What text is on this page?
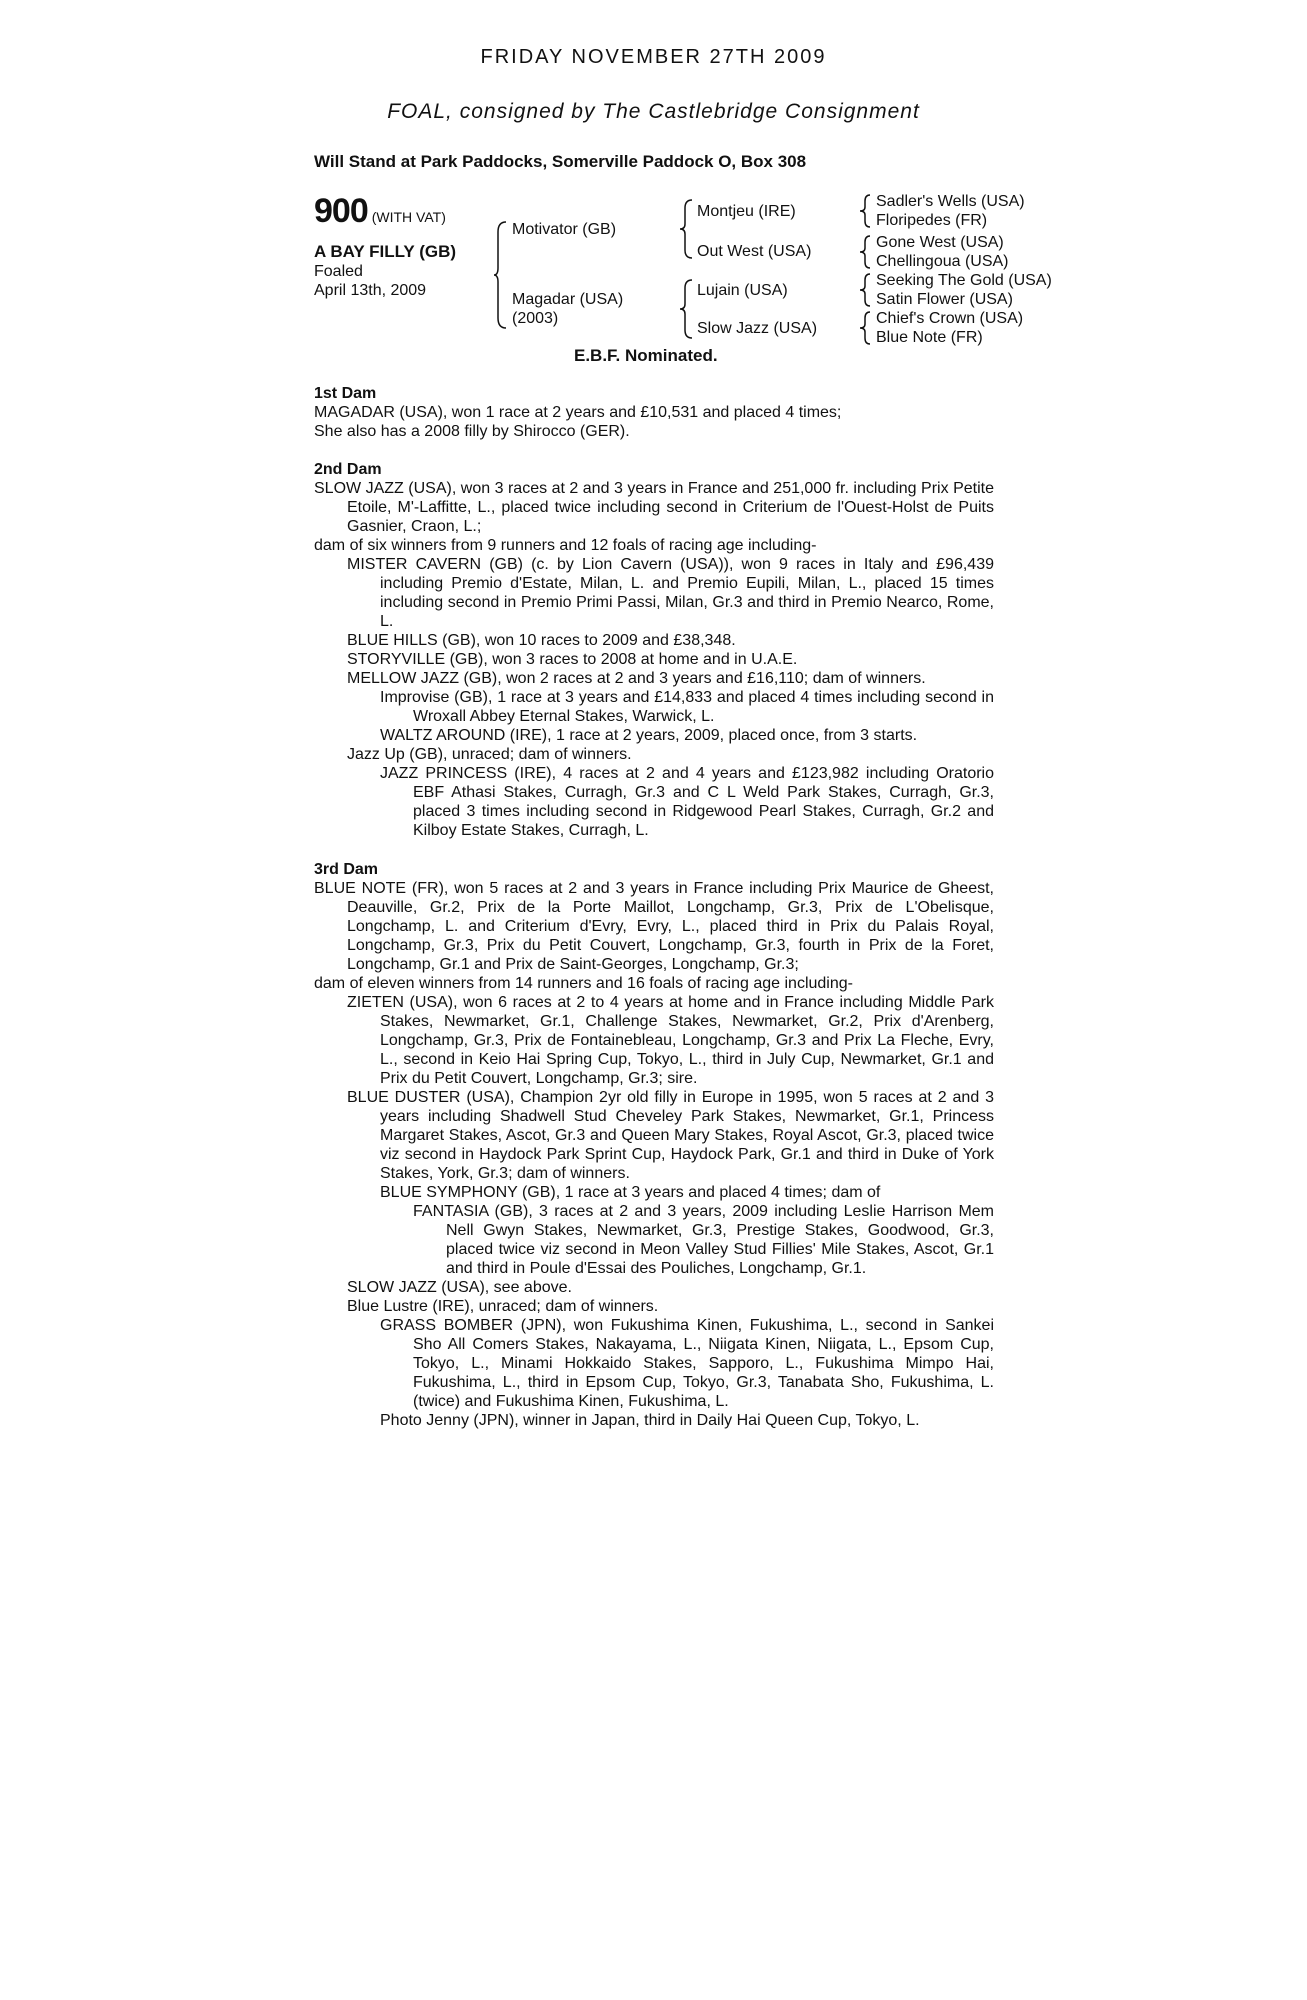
FRIDAY NOVEMBER 27TH 2009
FOAL, consigned by The Castlebridge Consignment
Will Stand at Park Paddocks, Somerville Paddock O, Box 308
900 (WITH VAT)
A BAY FILLY (GB)
Foaled
April 13th, 2009
Motivator (GB)
Magadar (USA)
(2003)
Montjeu (IRE)
Out West (USA)
Lujain (USA)
Slow Jazz (USA)
Sadler's Wells (USA)
Floripedes (FR)
Gone West (USA)
Chellingoua (USA)
Seeking The Gold (USA)
Satin Flower (USA)
Chief's Crown (USA)
Blue Note (FR)
E.B.F. Nominated.

1st Dam

MAGADAR (USA), won 1 race at 2 years and £10,531 and placed 4 times;

She also has a 2008 filly by Shirocco (GER).

2nd Dam

SLOW JAZZ (USA), won 3 races at 2 and 3 years in France and 251,000 fr. including Prix Petite Etoile, M'-Laffitte, L., placed twice including second in Criterium de l'Ouest-Holst de Puits Gasnier, Craon, L.;

dam of six winners from 9 runners and 12 foals of racing age including-

MISTER CAVERN (GB) (c. by Lion Cavern (USA)), won 9 races in Italy and £96,439 including Premio d'Estate, Milan, L. and Premio Eupili, Milan, L., placed 15 times including second in Premio Primi Passi, Milan, Gr.3 and third in Premio Nearco, Rome, L.

BLUE HILLS (GB), won 10 races to 2009 and £38,348.

STORYVILLE (GB), won 3 races to 2008 at home and in U.A.E.

MELLOW JAZZ (GB), won 2 races at 2 and 3 years and £16,110; dam of winners.

Improvise (GB), 1 race at 3 years and £14,833 and placed 4 times including second in Wroxall Abbey Eternal Stakes, Warwick, L.

WALTZ AROUND (IRE), 1 race at 2 years, 2009, placed once, from 3 starts.

Jazz Up (GB), unraced; dam of winners.

JAZZ PRINCESS (IRE), 4 races at 2 and 4 years and £123,982 including Oratorio EBF Athasi Stakes, Curragh, Gr.3 and C L Weld Park Stakes, Curragh, Gr.3, placed 3 times including second in Ridgewood Pearl Stakes, Curragh, Gr.2 and Kilboy Estate Stakes, Curragh, L.

3rd Dam

BLUE NOTE (FR), won 5 races at 2 and 3 years in France including Prix Maurice de Gheest, Deauville, Gr.2, Prix de la Porte Maillot, Longchamp, Gr.3, Prix de L'Obelisque, Longchamp, L. and Criterium d'Evry, Evry, L., placed third in Prix du Palais Royal, Longchamp, Gr.3, Prix du Petit Couvert, Longchamp, Gr.3, fourth in Prix de la Foret, Longchamp, Gr.1 and Prix de Saint-Georges, Longchamp, Gr.3;

dam of eleven winners from 14 runners and 16 foals of racing age including-

ZIETEN (USA), won 6 races at 2 to 4 years at home and in France including Middle Park Stakes, Newmarket, Gr.1, Challenge Stakes, Newmarket, Gr.2, Prix d'Arenberg, Longchamp, Gr.3, Prix de Fontainebleau, Longchamp, Gr.3 and Prix La Fleche, Evry, L., second in Keio Hai Spring Cup, Tokyo, L., third in July Cup, Newmarket, Gr.1 and Prix du Petit Couvert, Longchamp, Gr.3; sire.

BLUE DUSTER (USA), Champion 2yr old filly in Europe in 1995, won 5 races at 2 and 3 years including Shadwell Stud Cheveley Park Stakes, Newmarket, Gr.1, Princess Margaret Stakes, Ascot, Gr.3 and Queen Mary Stakes, Royal Ascot, Gr.3, placed twice viz second in Haydock Park Sprint Cup, Haydock Park, Gr.1 and third in Duke of York Stakes, York, Gr.3; dam of winners.

BLUE SYMPHONY (GB), 1 race at 3 years and placed 4 times; dam of

FANTASIA (GB), 3 races at 2 and 3 years, 2009 including Leslie Harrison Mem Nell Gwyn Stakes, Newmarket, Gr.3, Prestige Stakes, Goodwood, Gr.3, placed twice viz second in Meon Valley Stud Fillies' Mile Stakes, Ascot, Gr.1 and third in Poule d'Essai des Pouliches, Longchamp, Gr.1.

SLOW JAZZ (USA), see above.

Blue Lustre (IRE), unraced; dam of winners.

GRASS BOMBER (JPN), won Fukushima Kinen, Fukushima, L., second in Sankei Sho All Comers Stakes, Nakayama, L., Niigata Kinen, Niigata, L., Epsom Cup, Tokyo, L., Minami Hokkaido Stakes, Sapporo, L., Fukushima Mimpo Hai, Fukushima, L., third in Epsom Cup, Tokyo, Gr.3, Tanabata Sho, Fukushima, L. (twice) and Fukushima Kinen, Fukushima, L.

Photo Jenny (JPN), winner in Japan, third in Daily Hai Queen Cup, Tokyo, L.
